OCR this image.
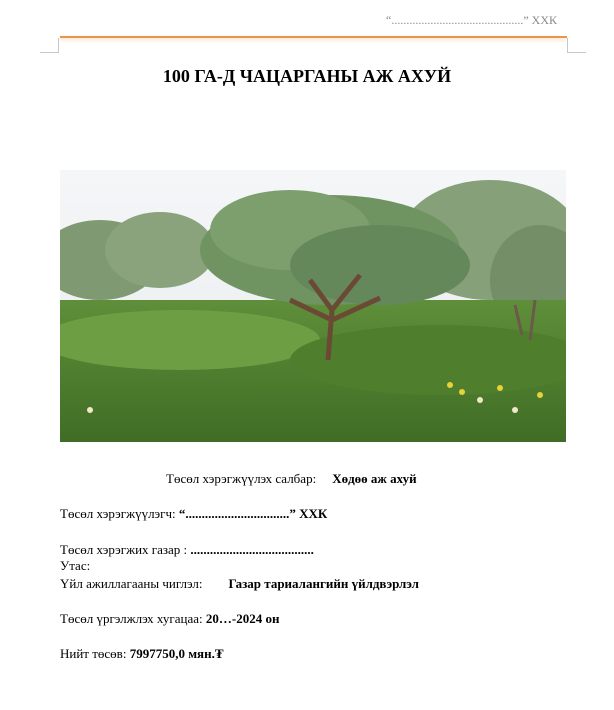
“............................................” ХХК
100 ГА-Д ЧАЦАРГАНЫ АЖ АХУЙ
Төсөл хэрэгжүүлэх салбар: Хөдөө аж ахуй
Төсөл хэрэгжүүлэгч: “................................” ХХК
Төсөл хэрэгжих газар : ......................................
Утас:
Үйл ажиллагааны чиглэл: Газар тариалангийн үйлдвэрлэл
Төсөл үргэлжлэх хугацаа: 20…-2024 он
Нийт төсөв: 7997750,0 мян.₮
